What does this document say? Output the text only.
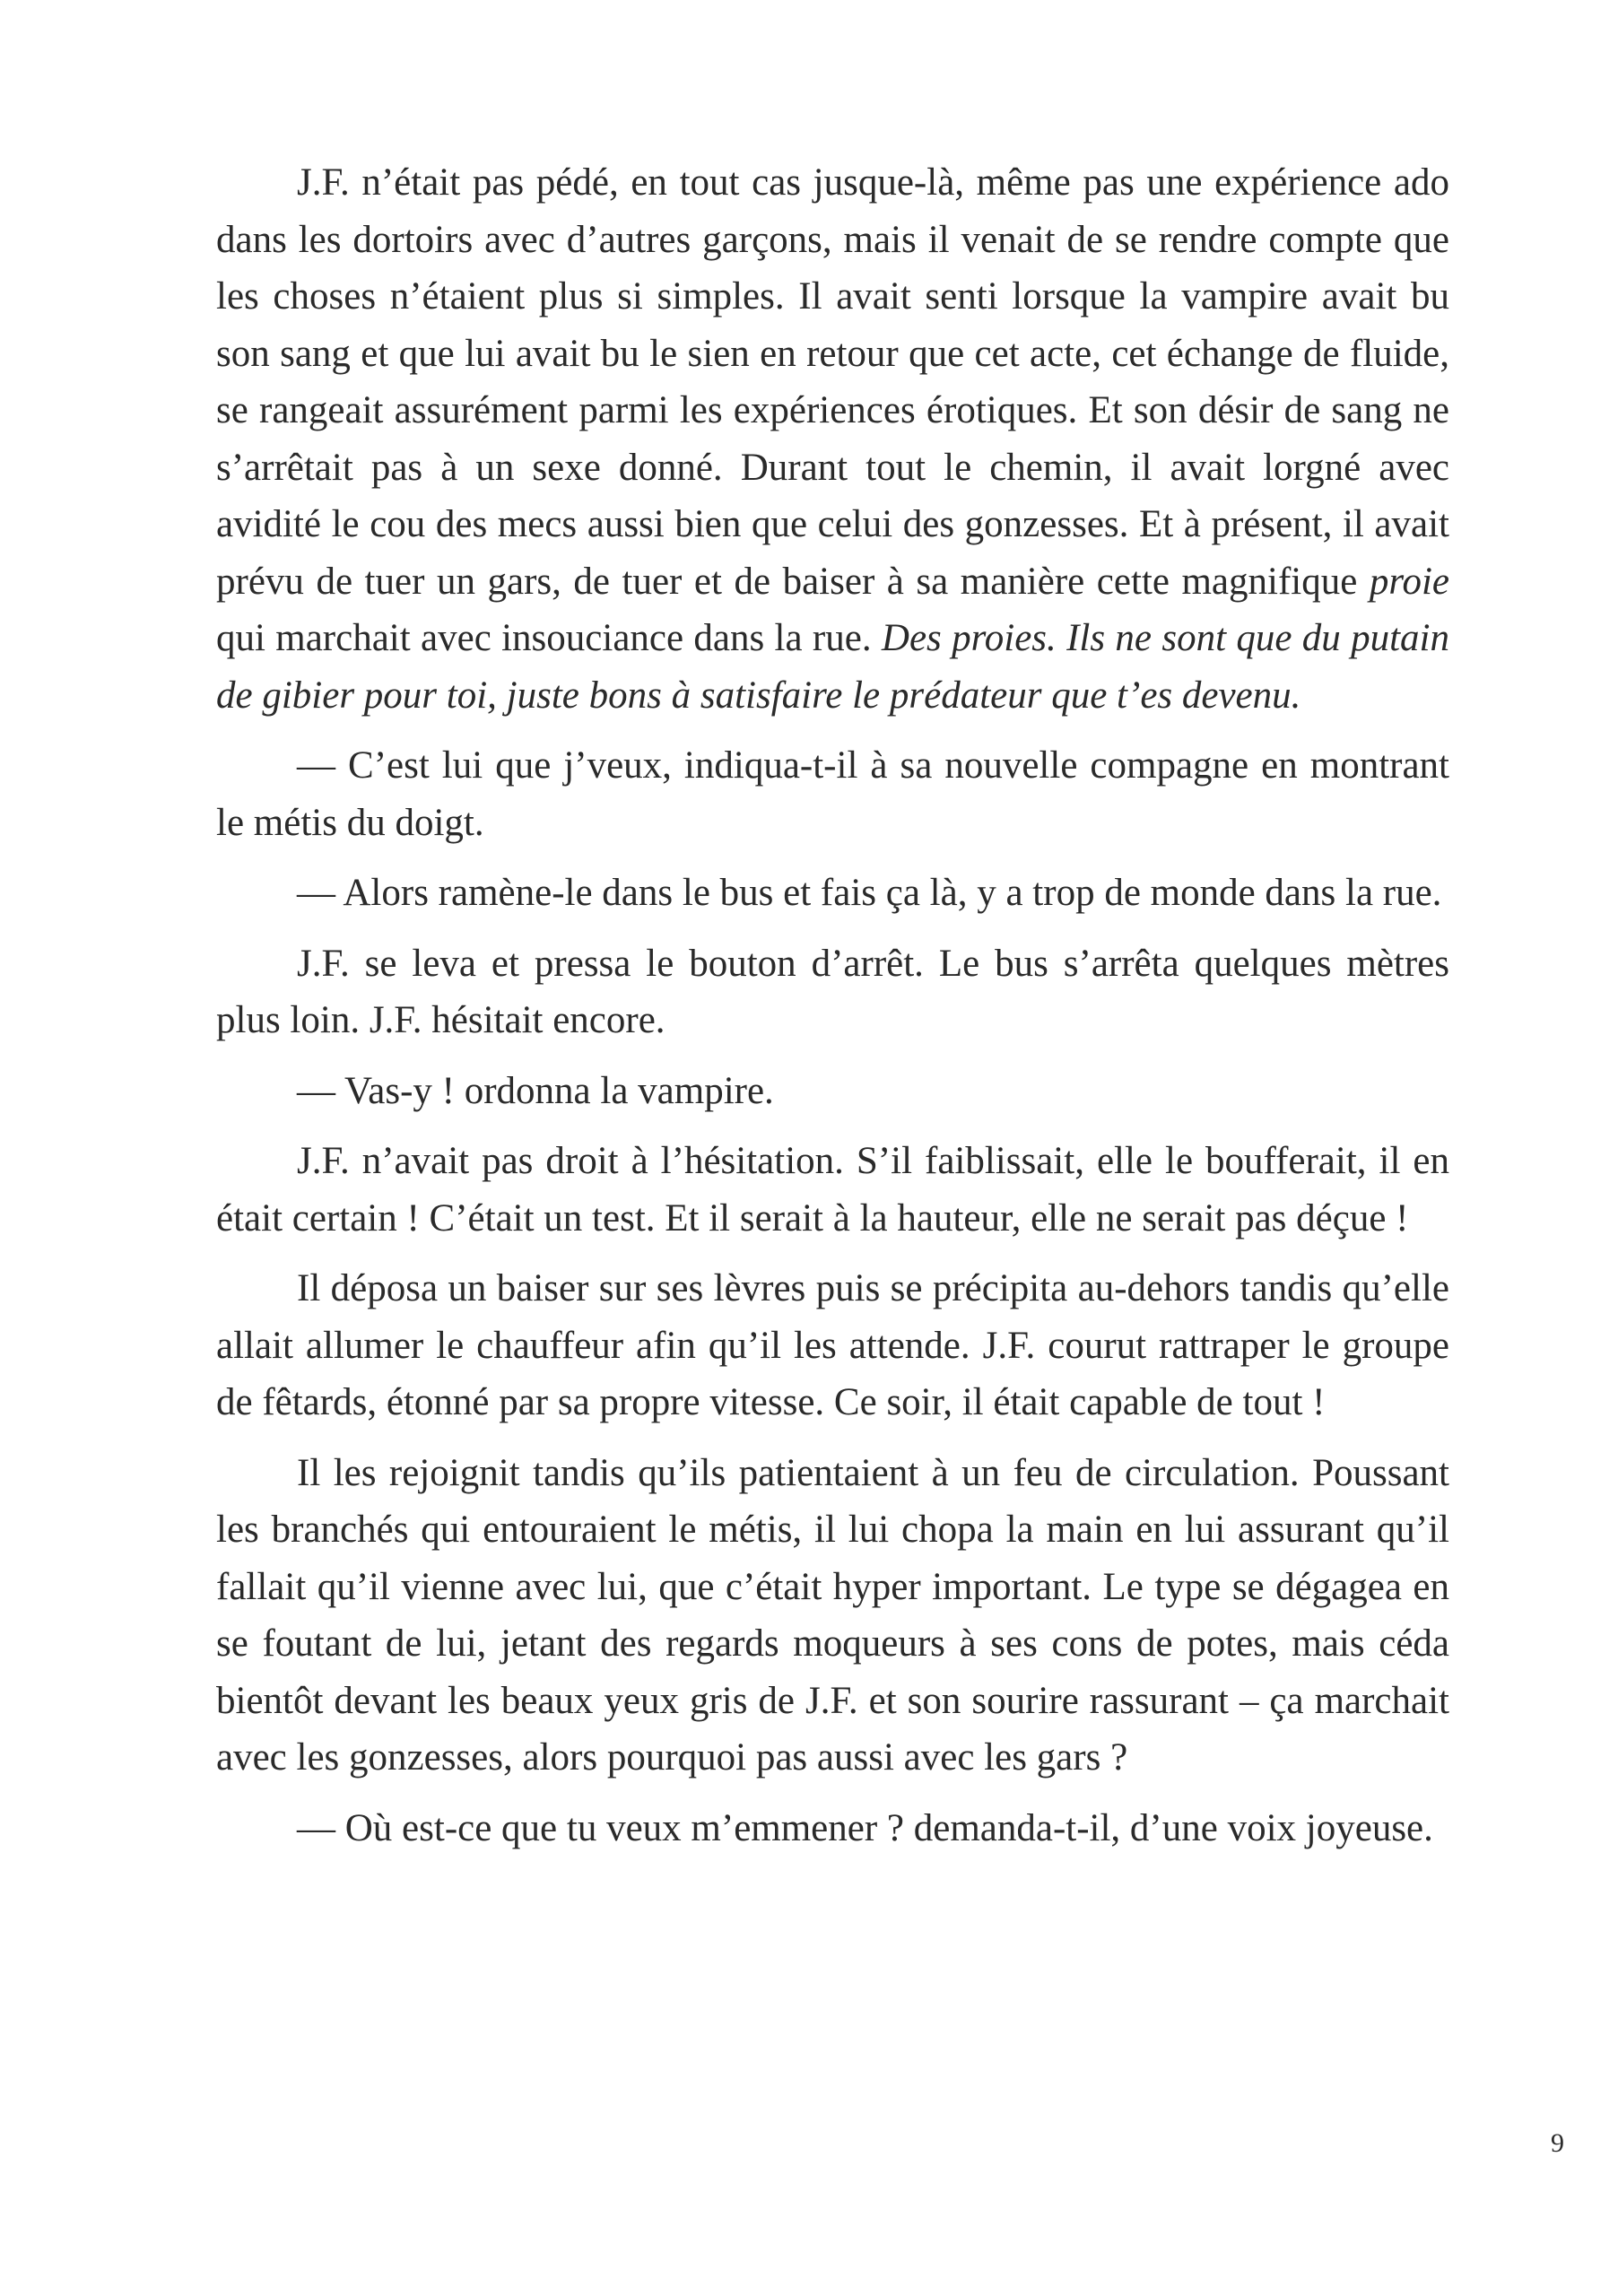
J.F. n’était pas pédé, en tout cas jusque-là, même pas une expérience ado dans les dortoirs avec d’autres garçons, mais il venait de se rendre compte que les choses n’étaient plus si simples. Il avait senti lorsque la vampire avait bu son sang et que lui avait bu le sien en retour que cet acte, cet échange de fluide, se rangeait assurément parmi les expériences érotiques. Et son désir de sang ne s’arrêtait pas à un sexe donné. Durant tout le chemin, il avait lorgné avec avidité le cou des mecs aussi bien que celui des gonzesses. Et à présent, il avait prévu de tuer un gars, de tuer et de baiser à sa manière cette magnifique proie qui marchait avec insouciance dans la rue. Des proies. Ils ne sont que du putain de gibier pour toi, juste bons à satisfaire le prédateur que t’es devenu.

— C’est lui que j’veux, indiqua-t-il à sa nouvelle compagne en montrant le métis du doigt.

— Alors ramène-le dans le bus et fais ça là, y a trop de monde dans la rue.

J.F. se leva et pressa le bouton d’arrêt. Le bus s’arrêta quelques mètres plus loin. J.F. hésitait encore.

— Vas-y ! ordonna la vampire.

J.F. n’avait pas droit à l’hésitation. S’il faiblissait, elle le boufferait, il en était certain ! C’était un test. Et il serait à la hauteur, elle ne serait pas déçue !

Il déposa un baiser sur ses lèvres puis se précipita au-dehors tandis qu’elle allait allumer le chauffeur afin qu’il les attende. J.F. courut rattraper le groupe de fêtards, étonné par sa propre vitesse. Ce soir, il était capable de tout !

Il les rejoignit tandis qu’ils patientaient à un feu de circulation. Poussant les branchés qui entouraient le métis, il lui chopa la main en lui assurant qu’il fallait qu’il vienne avec lui, que c’était hyper important. Le type se dégagea en se foutant de lui, jetant des regards moqueurs à ses cons de potes, mais céda bientôt devant les beaux yeux gris de J.F. et son sourire rassurant – ça marchait avec les gonzesses, alors pourquoi pas aussi avec les gars ?

— Où est-ce que tu veux m’emmener ? demanda-t-il, d’une voix joyeuse.

9
